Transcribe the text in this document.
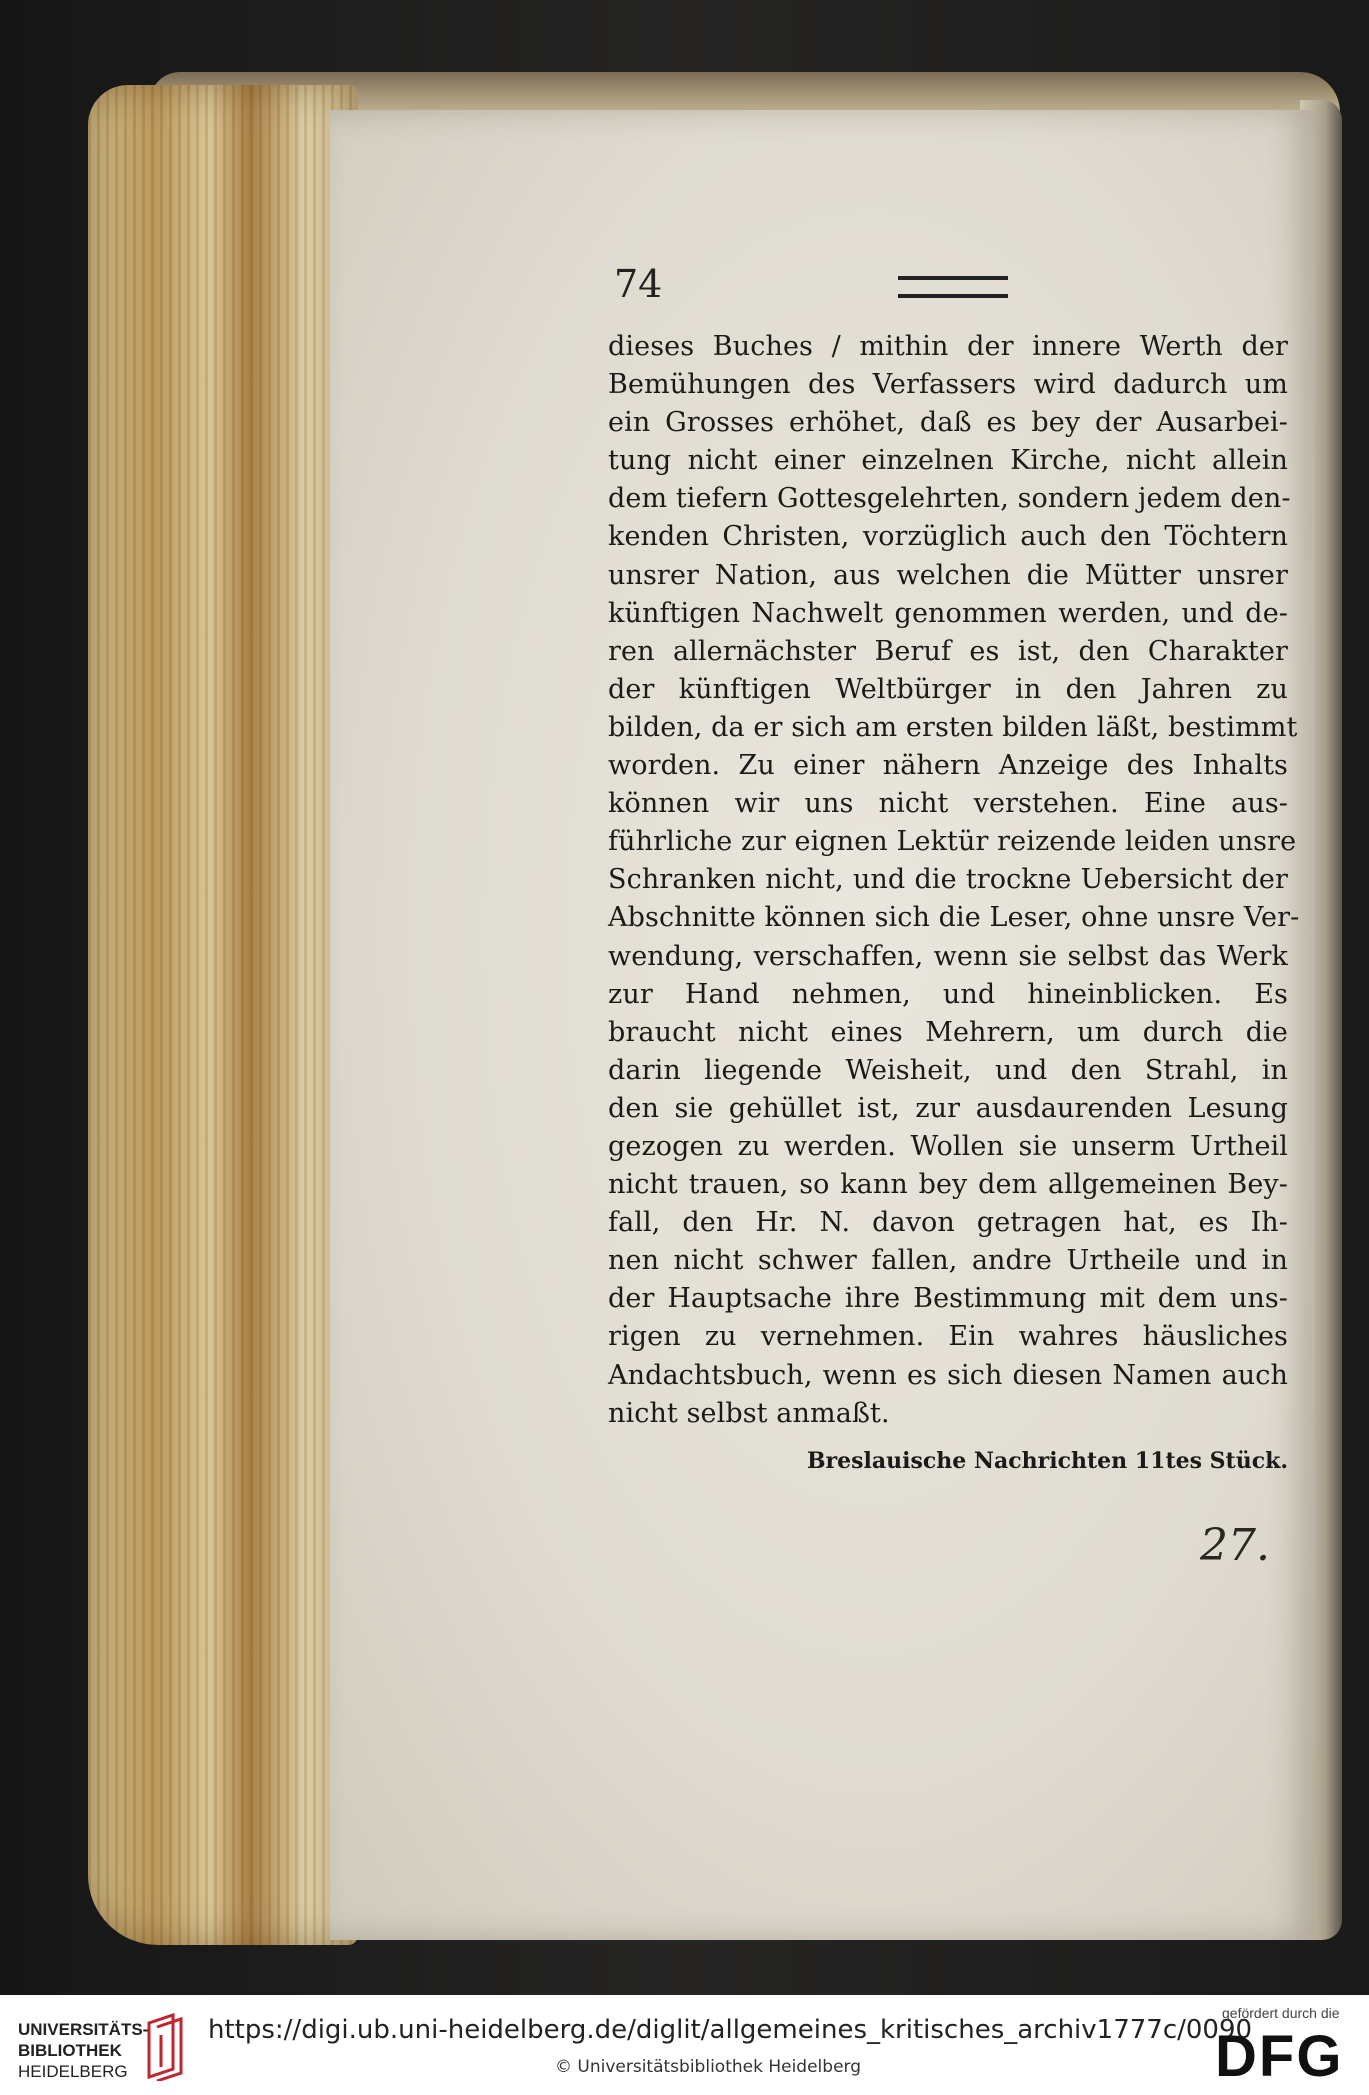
74
dieses Buches / mithin der innere Werth der
Bemühungen des Verfassers wird dadurch um
ein Grosses erhöhet, daß es bey der Ausarbei-
tung nicht einer einzelnen Kirche, nicht allein
dem tiefern Gottesgelehrten, sondern jedem den-
kenden Christen, vorzüglich auch den Töchtern
unsrer Nation, aus welchen die Mütter unsrer
künftigen Nachwelt genommen werden, und de-
ren allernächster Beruf es ist, den Charakter
der künftigen Weltbürger in den Jahren zu
bilden, da er sich am ersten bilden läßt, bestimmt
worden. Zu einer nähern Anzeige des Inhalts
können wir uns nicht verstehen. Eine aus-
führliche zur eignen Lektür reizende leiden unsre
Schranken nicht, und die trockne Uebersicht der
Abschnitte können sich die Leser, ohne unsre Ver-
wendung, verschaffen, wenn sie selbst das Werk
zur Hand nehmen, und hineinblicken. Es
braucht nicht eines Mehrern, um durch die
darin liegende Weisheit, und den Strahl, in
den sie gehüllet ist, zur ausdaurenden Lesung
gezogen zu werden. Wollen sie unserm Urtheil
nicht trauen, so kann bey dem allgemeinen Bey-
fall, den Hr. N. davon getragen hat, es Ih-
nen nicht schwer fallen, andre Urtheile und in
der Hauptsache ihre Bestimmung mit dem uns-
rigen zu vernehmen. Ein wahres häusliches
Andachtsbuch, wenn es sich diesen Namen auch
nicht selbst anmaßt.
Breslauische Nachrichten 11tes Stück.
27.
UNIVERSITÄTS-
BIBLIOTHEK
HEIDELBERG
https://digi.ub.uni-heidelberg.de/diglit/allgemeines_kritisches_archiv1777c/0090
© Universitätsbibliothek Heidelberg
gefördert durch die
DFG
